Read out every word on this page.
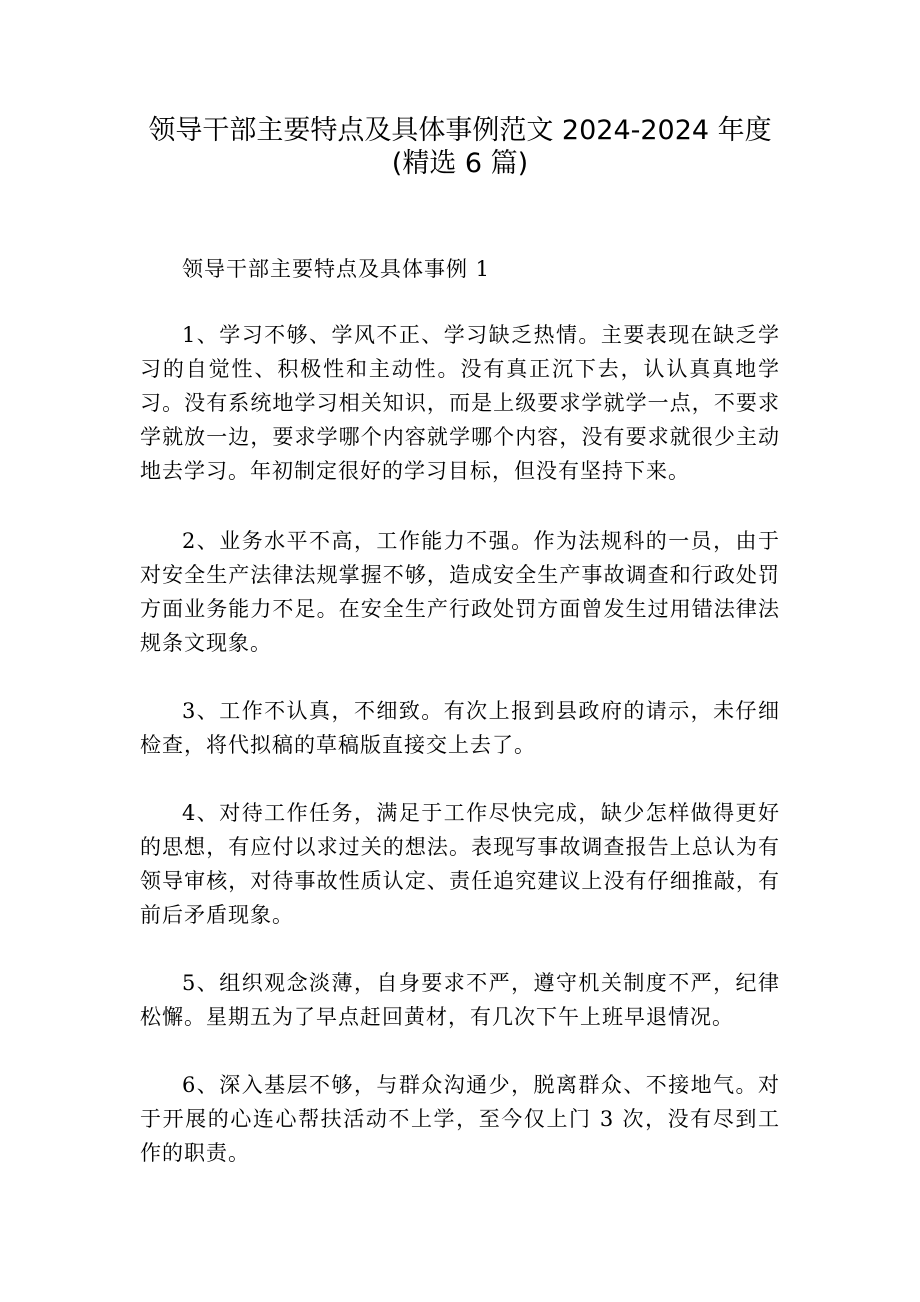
领导干部主要特点及具体事例范文 2024-2024 年度(精选 6 篇)

领导干部主要特点及具体事例 1

1、学习不够、学风不正、学习缺乏热情。主要表现在缺乏学习的自觉性、积极性和主动性。没有真正沉下去，认认真真地学习。没有系统地学习相关知识，而是上级要求学就学一点，不要求学就放一边，要求学哪个内容就学哪个内容，没有要求就很少主动地去学习。年初制定很好的学习目标，但没有坚持下来。

2、业务水平不高，工作能力不强。作为法规科的一员，由于对安全生产法律法规掌握不够，造成安全生产事故调查和行政处罚方面业务能力不足。在安全生产行政处罚方面曾发生过用错法律法规条文现象。

3、工作不认真，不细致。有次上报到县政府的请示，未仔细检查，将代拟稿的草稿版直接交上去了。

4、对待工作任务，满足于工作尽快完成，缺少怎样做得更好的思想，有应付以求过关的想法。表现写事故调查报告上总认为有领导审核，对待事故性质认定、责任追究建议上没有仔细推敲，有前后矛盾现象。

5、组织观念淡薄，自身要求不严，遵守机关制度不严，纪律松懈。星期五为了早点赶回黄材，有几次下午上班早退情况。

6、深入基层不够，与群众沟通少，脱离群众、不接地气。对于开展的心连心帮扶活动不上学，至今仅上门 3 次，没有尽到工作的职责。
